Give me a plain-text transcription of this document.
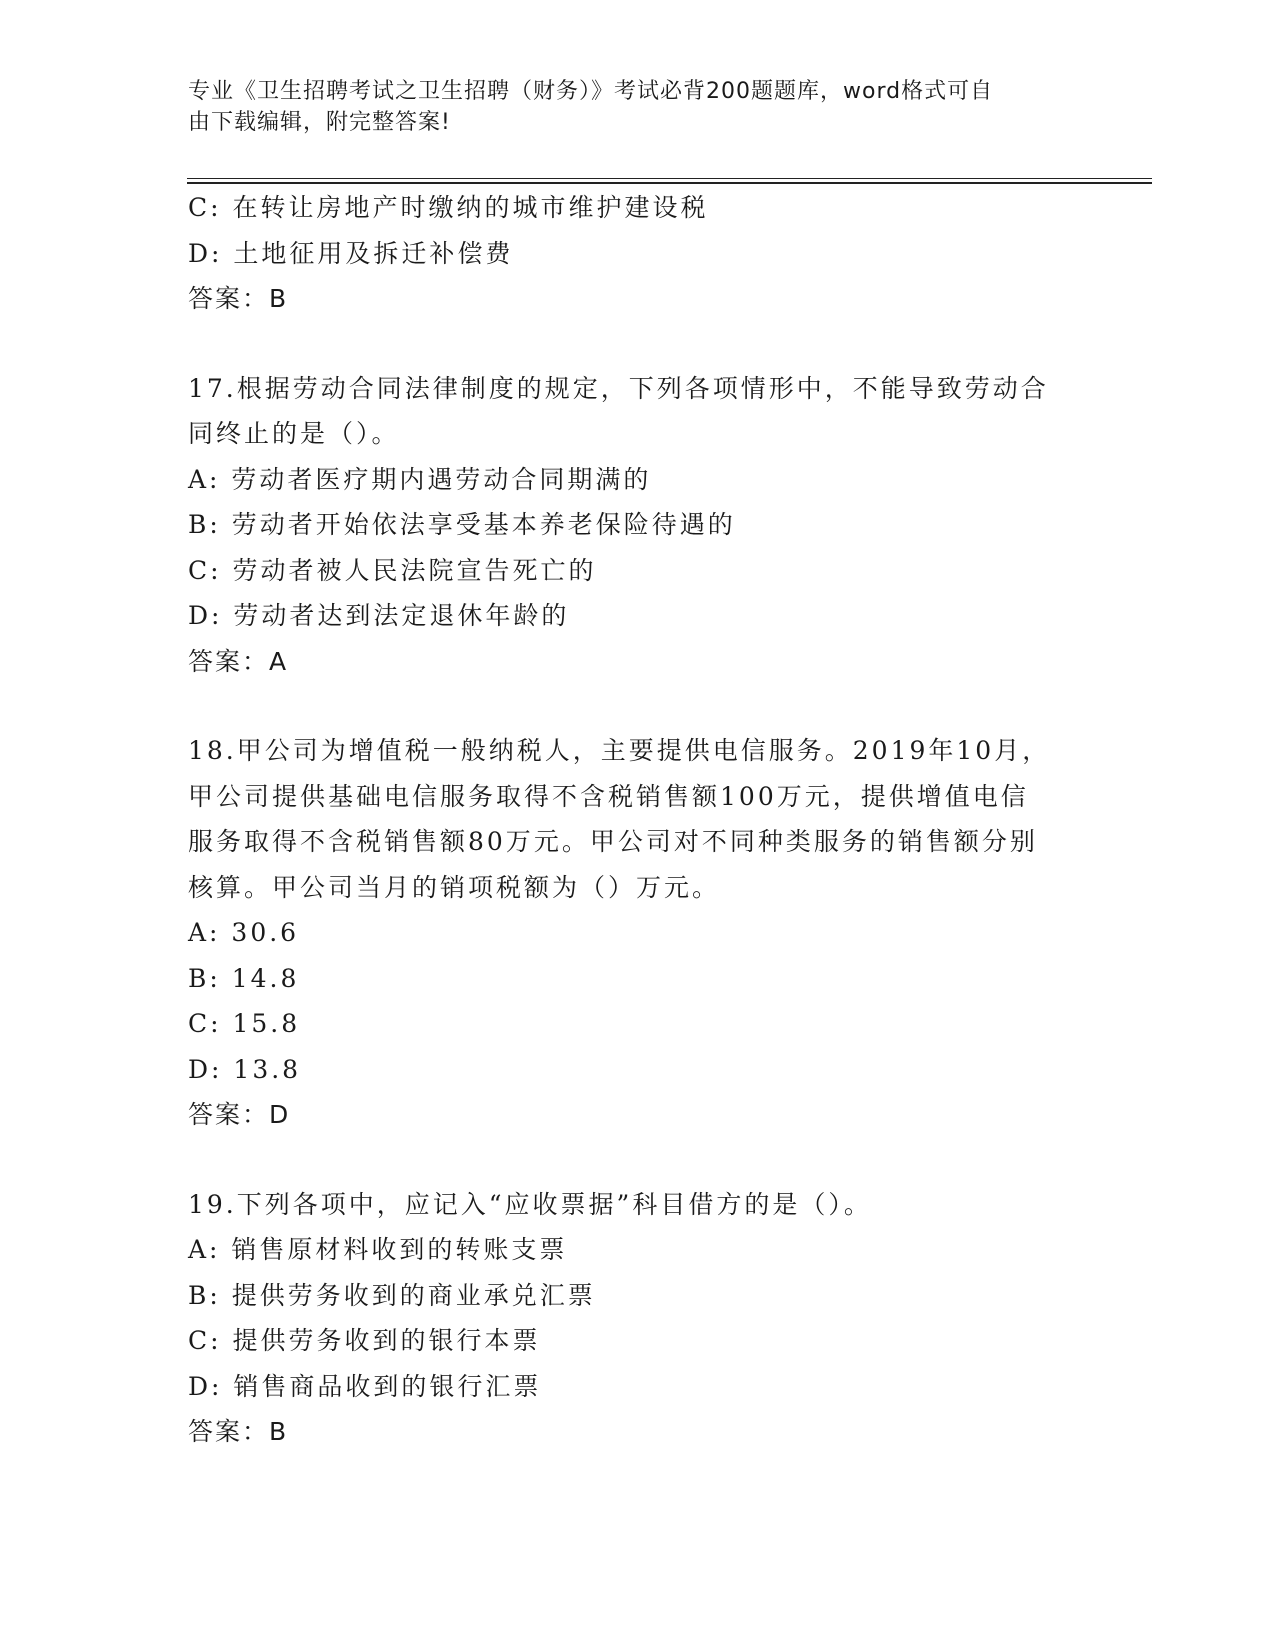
专业《卫生招聘考试之卫生招聘（财务）》考试必背200题题库，word格式可自
由下载编辑，附完整答案!
C: 在转让房地产时缴纳的城市维护建设税
D: 土地征用及拆迁补偿费
答案：B
17.根据劳动合同法律制度的规定，下列各项情形中，不能导致劳动合
同终止的是（）。
A: 劳动者医疗期内遇劳动合同期满的
B: 劳动者开始依法享受基本养老保险待遇的
C: 劳动者被人民法院宣告死亡的
D: 劳动者达到法定退休年龄的
答案：A
18.甲公司为增值税一般纳税人，主要提供电信服务。2019年10月，
甲公司提供基础电信服务取得不含税销售额100万元，提供增值电信
服务取得不含税销售额80万元。甲公司对不同种类服务的销售额分别
核算。甲公司当月的销项税额为（）万元。
A: 30.6
B: 14.8
C: 15.8
D: 13.8
答案：D
19.下列各项中，应记入“应收票据”科目借方的是（）。
A: 销售原材料收到的转账支票
B: 提供劳务收到的商业承兑汇票
C: 提供劳务收到的银行本票
D: 销售商品收到的银行汇票
答案：B
